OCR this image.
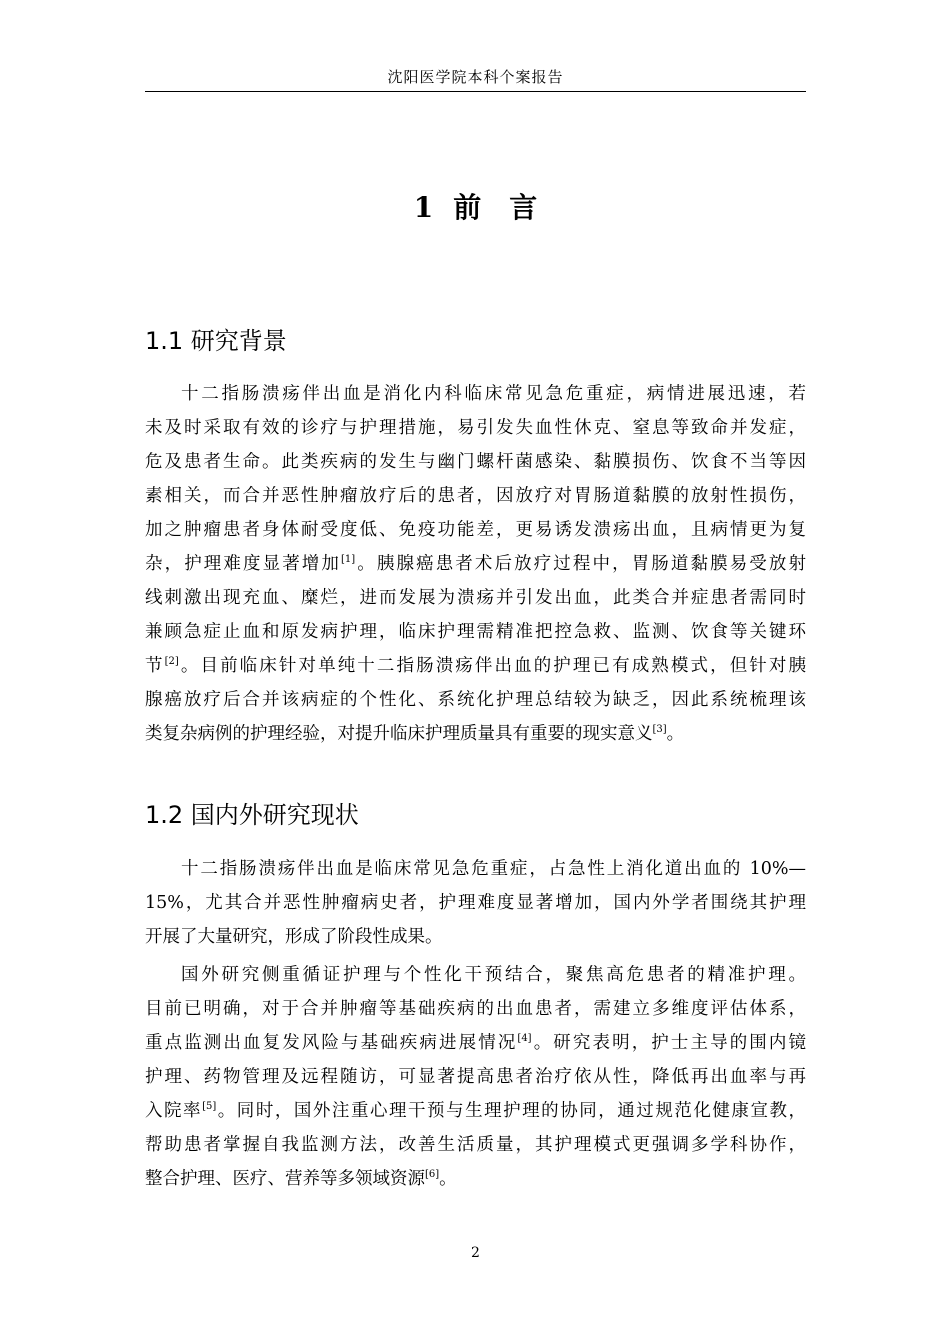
沈阳医学院本科个案报告
1 前　言
1.1 研究背景
十二指肠溃疡伴出血是消化内科临床常见急危重症，病情进展迅速，若
未及时采取有效的诊疗与护理措施，易引发失血性休克、窒息等致命并发症，
危及患者生命。此类疾病的发生与幽门螺杆菌感染、黏膜损伤、饮食不当等因
素相关，而合并恶性肿瘤放疗后的患者，因放疗对胃肠道黏膜的放射性损伤，
加之肿瘤患者身体耐受度低、免疫功能差，更易诱发溃疡出血，且病情更为复
杂，护理难度显著增加[1]。胰腺癌患者术后放疗过程中，胃肠道黏膜易受放射
线刺激出现充血、糜烂，进而发展为溃疡并引发出血，此类合并症患者需同时
兼顾急症止血和原发病护理，临床护理需精准把控急救、监测、饮食等关键环
节[2]。目前临床针对单纯十二指肠溃疡伴出血的护理已有成熟模式，但针对胰
腺癌放疗后合并该病症的个性化、系统化护理总结较为缺乏，因此系统梳理该
类复杂病例的护理经验，对提升临床护理质量具有重要的现实意义[3]。
1.2 国内外研究现状
十二指肠溃疡伴出血是临床常见急危重症，占急性上消化道出血的 10%—
15%，尤其合并恶性肿瘤病史者，护理难度显著增加，国内外学者围绕其护理
开展了大量研究，形成了阶段性成果。
国外研究侧重循证护理与个性化干预结合，聚焦高危患者的精准护理。
目前已明确，对于合并肿瘤等基础疾病的出血患者，需建立多维度评估体系，
重点监测出血复发风险与基础疾病进展情况[4]。研究表明，护士主导的围内镜
护理、药物管理及远程随访，可显著提高患者治疗依从性，降低再出血率与再
入院率[5]。同时，国外注重心理干预与生理护理的协同，通过规范化健康宣教，
帮助患者掌握自我监测方法，改善生活质量，其护理模式更强调多学科协作，
整合护理、医疗、营养等多领域资源[6]。
2
